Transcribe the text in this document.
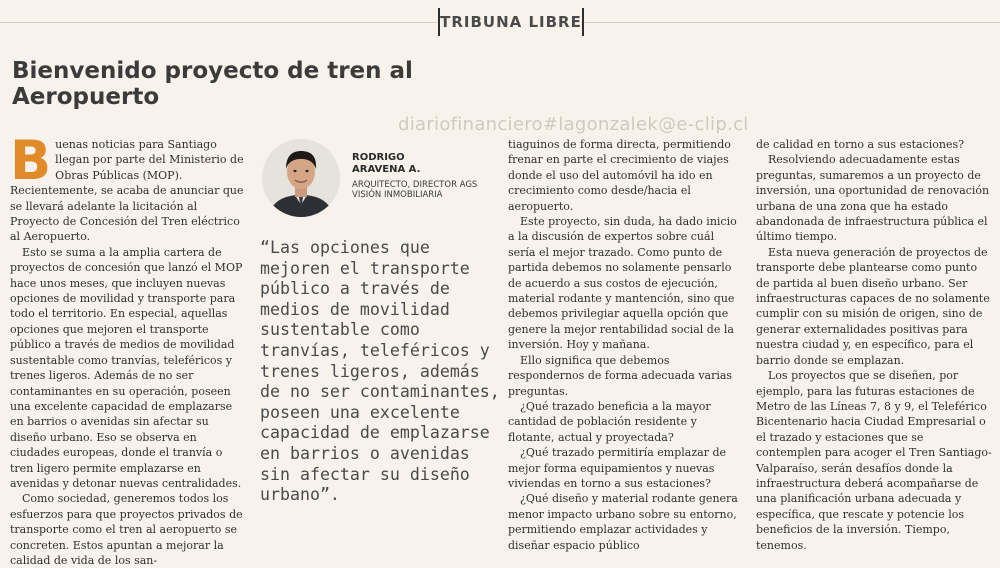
TRIBUNA LIBRE
Bienvenido proyecto de tren al Aeropuerto
diariofinanciero#lagonzalek@e-clip.cl

Buenas noticias para Santiago llegan por parte del Ministerio de Obras Públicas (MOP). Recientemente, se acaba de anunciar que se llevará adelante la licitación al Proyecto de Concesión del Tren eléctrico al Aeropuerto.

Esto se suma a la amplia cartera de proyectos de concesión que lanzó el MOP hace unos meses, que incluyen nuevas opciones de movilidad y transporte para todo el territorio. En especial, aquellas opciones que mejoren el transporte público a través de medios de movilidad sustentable como tranvías, teleféricos y trenes ligeros. Además de no ser contaminantes en su operación, poseen una excelente capacidad de emplazarse en barrios o avenidas sin afectar su diseño urbano. Eso se observa en ciudades europeas, donde el tranvía o tren ligero permite emplazarse en avenidas y detonar nuevas centralidades.

Como sociedad, generemos todos los esfuerzos para que proyectos privados de transporte como el tren al aeropuerto se concreten. Estos apuntan a mejorar la calidad de vida de los san-

RODRIGO ARAVENA A.
ARQUITECTO, DIRECTOR AGS VISIÓN INMOBILIARIA

“Las opciones que mejoren el transporte público a través de medios de movilidad sustentable como tranvías, teleféricos y trenes ligeros, además de no ser contaminantes, poseen una excelente capacidad de emplazarse en barrios o avenidas sin afectar su diseño urbano”.

tiaguinos de forma directa, permitiendo frenar en parte el crecimiento de viajes donde el uso del automóvil ha ido en crecimiento como desde/hacia el aeropuerto.

Este proyecto, sin duda, ha dado inicio a la discusión de expertos sobre cuál sería el mejor trazado. Como punto de partida debemos no solamente pensarlo de acuerdo a sus costos de ejecución, material rodante y mantención, sino que debemos privilegiar aquella opción que genere la mejor rentabilidad social de la inversión. Hoy y mañana.

Ello significa que debemos respondernos de forma adecuada varias preguntas.

¿Qué trazado beneficia a la mayor cantidad de población residente y flotante, actual y proyectada?

¿Qué trazado permitiría emplazar de mejor forma equipamientos y nuevas viviendas en torno a sus estaciones?

¿Qué diseño y material rodante genera menor impacto urbano sobre su entorno, permitiendo emplazar actividades y diseñar espacio público

de calidad en torno a sus estaciones?

Resolviendo adecuadamente estas preguntas, sumaremos a un proyecto de inversión, una oportunidad de renovación urbana de una zona que ha estado abandonada de infraestructura pública el último tiempo.

Esta nueva generación de proyectos de transporte debe plantearse como punto de partida al buen diseño urbano. Ser infraestructuras capaces de no solamente cumplir con su misión de origen, sino de generar externalidades positivas para nuestra ciudad y, en específico, para el barrio donde se emplazan.

Los proyectos que se diseñen, por ejemplo, para las futuras estaciones de Metro de las Líneas 7, 8 y 9, el Teleférico Bicentenario hacia Ciudad Empresarial o el trazado y estaciones que se contemplen para acoger el Tren Santiago-Valparaíso, serán desafíos donde la infraestructura deberá acompañarse de una planificación urbana adecuada y específica, que rescate y potencie los beneficios de la inversión. Tiempo, tenemos.
